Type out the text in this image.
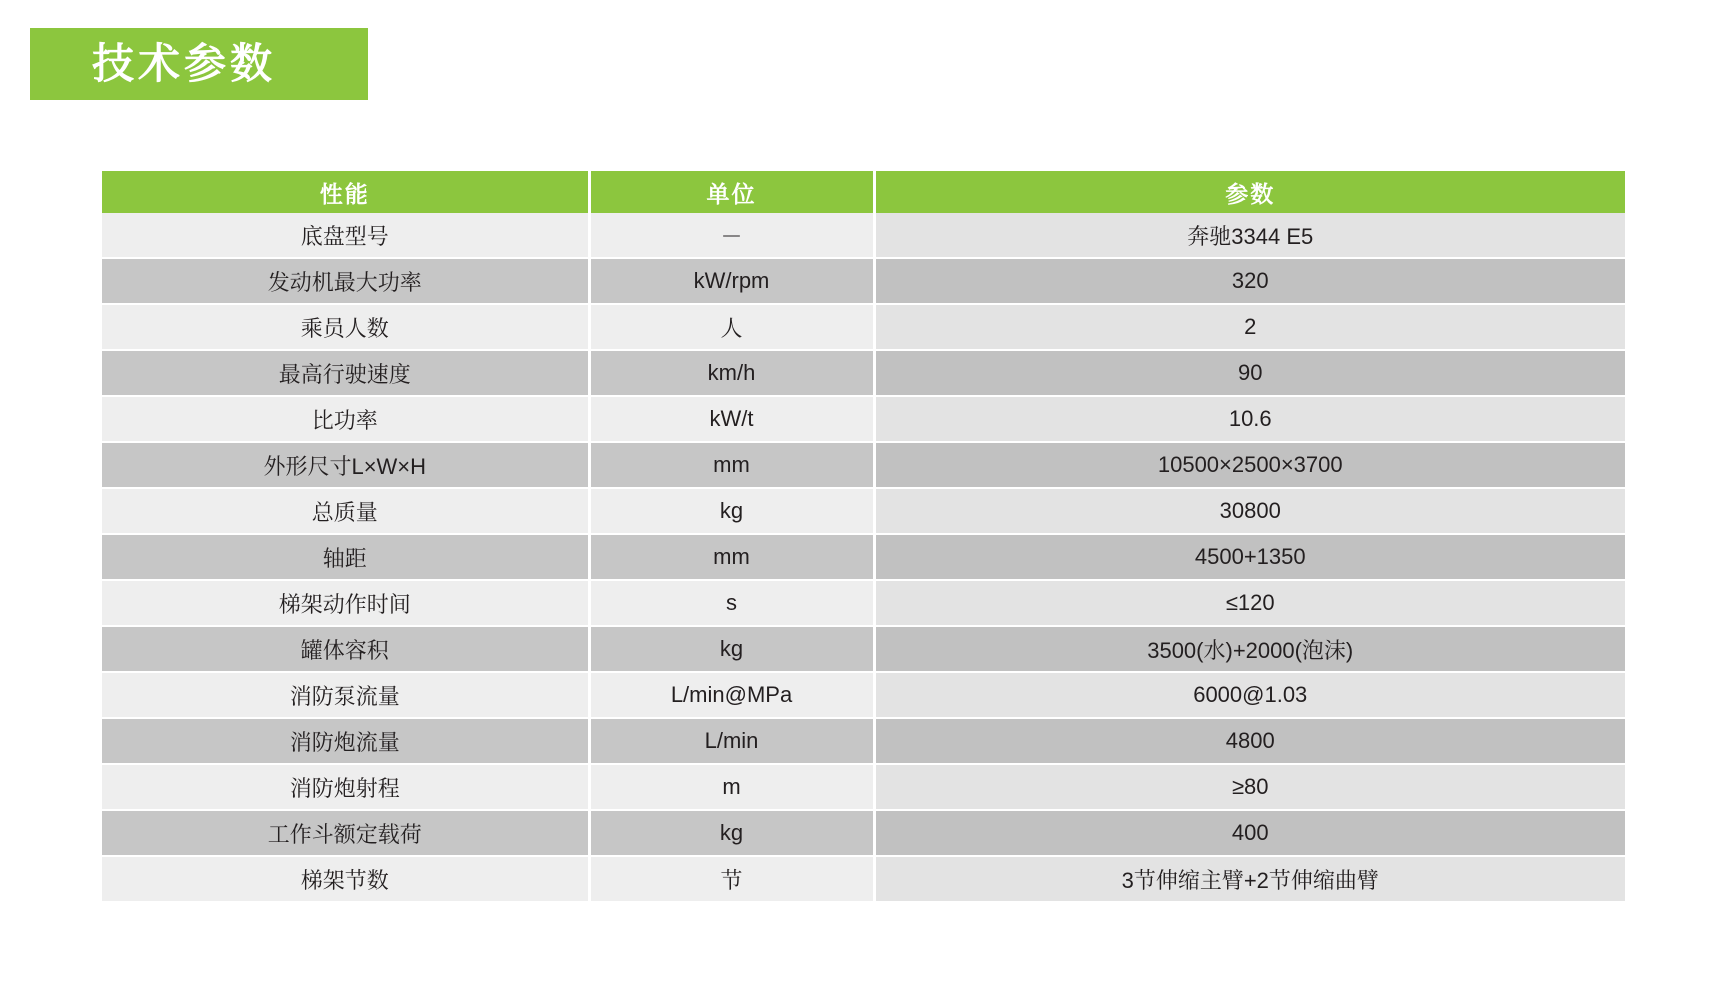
技术参数
性能	单位	参数
底盘型号	－	奔驰3344 E5
发动机最大功率	kW/rpm	320
乘员人数	人	2
最高行驶速度	km/h	90
比功率	kW/t	10.6
外形尺寸L×W×H	mm	10500×2500×3700
总质量	kg	30800
轴距	mm	4500+1350
梯架动作时间	s	≤120
罐体容积	kg	3500(水)+2000(泡沫)
消防泵流量	L/min@MPa	6000@1.03
消防炮流量	L/min	4800
消防炮射程	m	≥80
工作斗额定载荷	kg	400
梯架节数	节	3节伸缩主臂+2节伸缩曲臂
